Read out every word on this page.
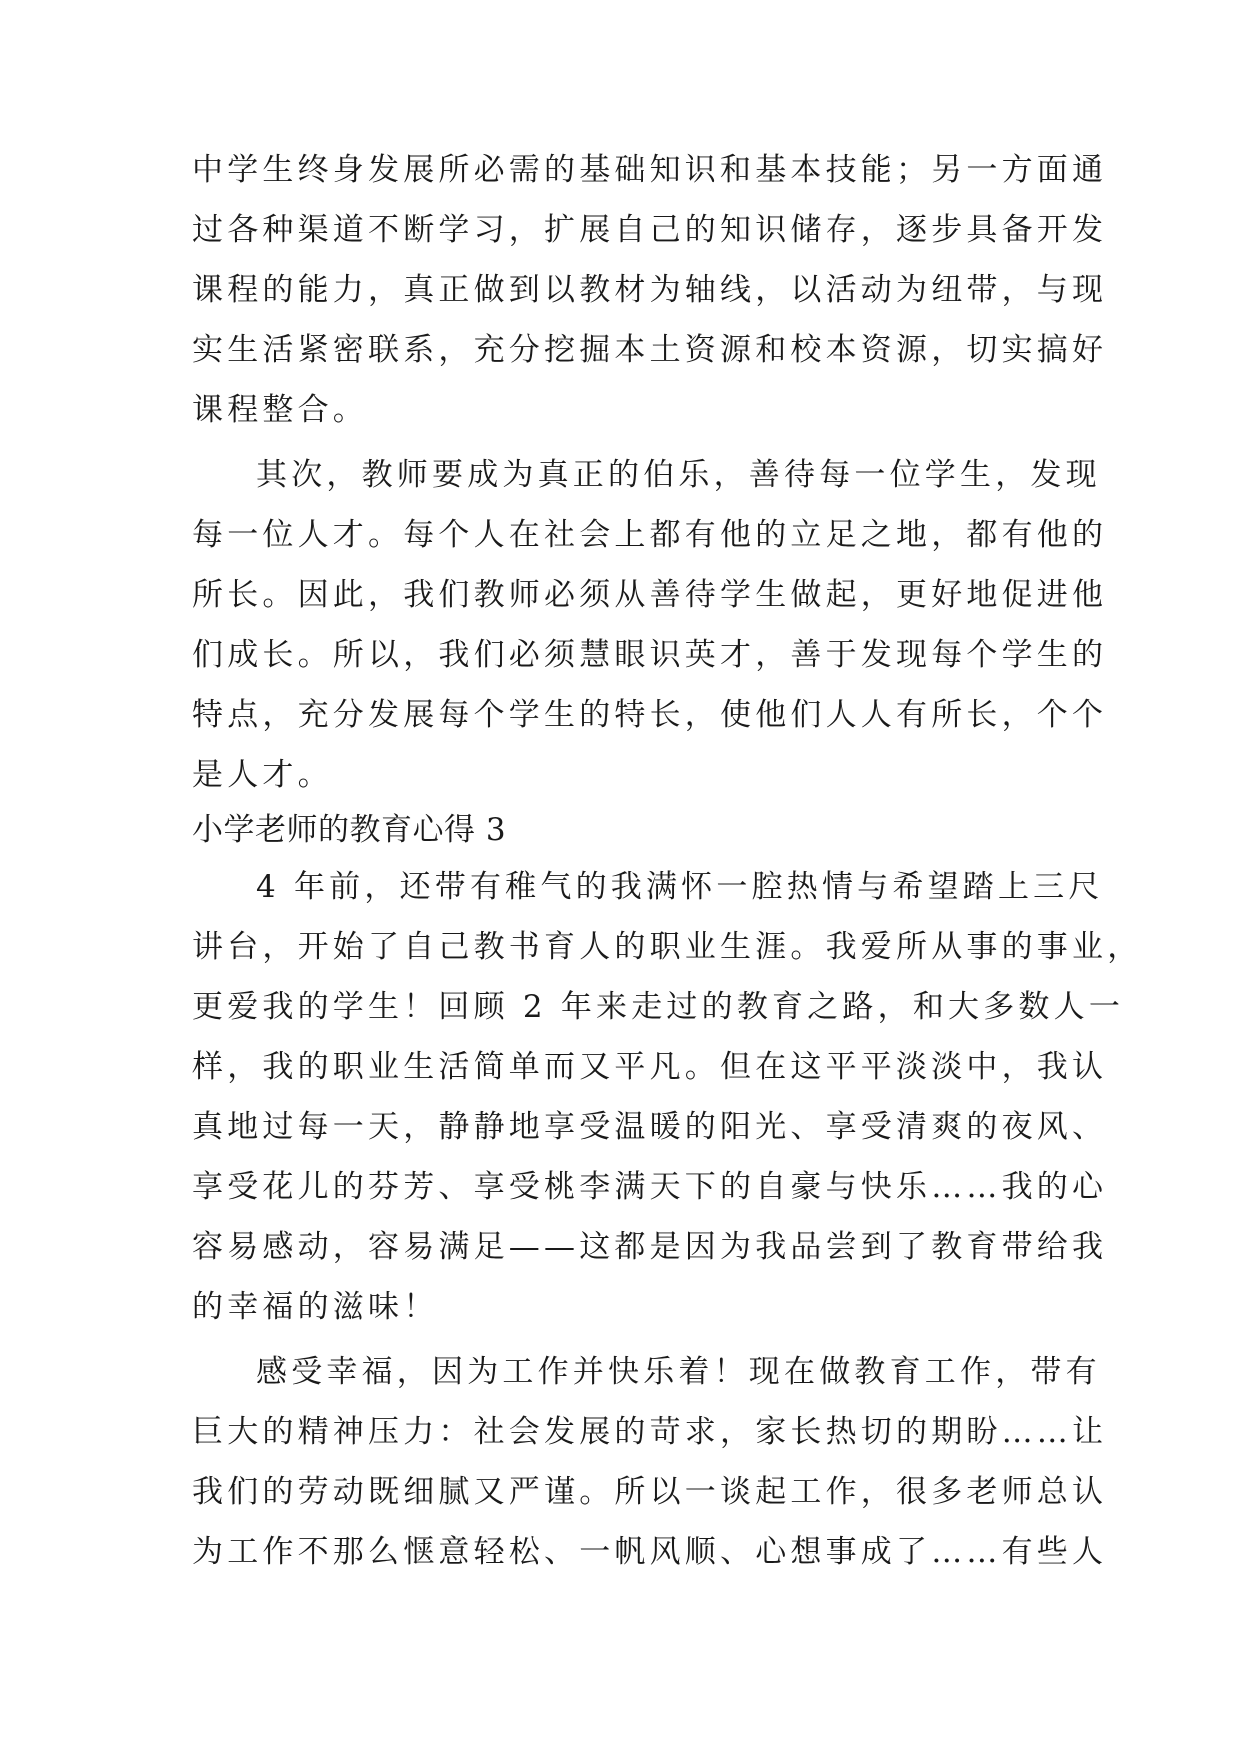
中学生终身发展所必需的基础知识和基本技能；另一方面通
过各种渠道不断学习，扩展自己的知识储存，逐步具备开发
课程的能力，真正做到以教材为轴线，以活动为纽带，与现
实生活紧密联系，充分挖掘本土资源和校本资源，切实搞好
课程整合。
其次，教师要成为真正的伯乐，善待每一位学生，发现
每一位人才。每个人在社会上都有他的立足之地，都有他的
所长。因此，我们教师必须从善待学生做起，更好地促进他
们成长。所以，我们必须慧眼识英才，善于发现每个学生的
特点，充分发展每个学生的特长，使他们人人有所长，个个
是人才。
小学老师的教育心得 3
4 年前，还带有稚气的我满怀一腔热情与希望踏上三尺
讲台，开始了自己教书育人的职业生涯。我爱所从事的事业，
更爱我的学生！回顾 2 年来走过的教育之路，和大多数人一
样，我的职业生活简单而又平凡。但在这平平淡淡中，我认
真地过每一天，静静地享受温暖的阳光、享受清爽的夜风、
享受花儿的芬芳、享受桃李满天下的自豪与快乐……我的心
容易感动，容易满足——这都是因为我品尝到了教育带给我
的幸福的滋味！
感受幸福，因为工作并快乐着！现在做教育工作，带有
巨大的精神压力：社会发展的苛求，家长热切的期盼……让
我们的劳动既细腻又严谨。所以一谈起工作，很多老师总认
为工作不那么惬意轻松、一帆风顺、心想事成了……有些人
